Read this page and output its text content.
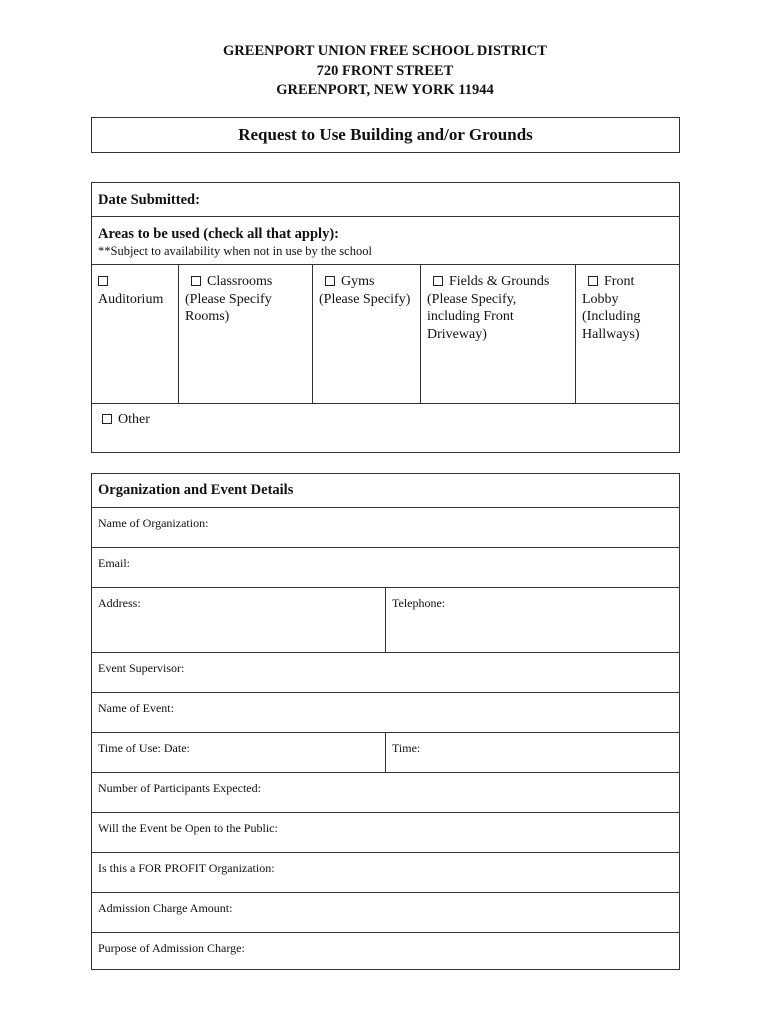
GREENPORT UNION FREE SCHOOL DISTRICT
720 FRONT STREET
GREENPORT, NEW YORK 11944
Request to Use Building and/or Grounds
Date Submitted:
Areas to be used (check all that apply):
**Subject to availability when not in use by the school

Auditorium
Classrooms
(Please Specify Rooms)
Gyms
(Please Specify)
Fields & Grounds
(Please Specify, including Front Driveway)
Front Lobby
(Including Hallways)
Other
Organization and Event Details
Name of Organization:
Email:
Address:	Telephone:
Event Supervisor:
Name of Event:
Time of Use: Date:	Time:
Number of Participants Expected:
Will the Event be Open to the Public:
Is this a FOR PROFIT Organization:
Admission Charge Amount:
Purpose of Admission Charge:
